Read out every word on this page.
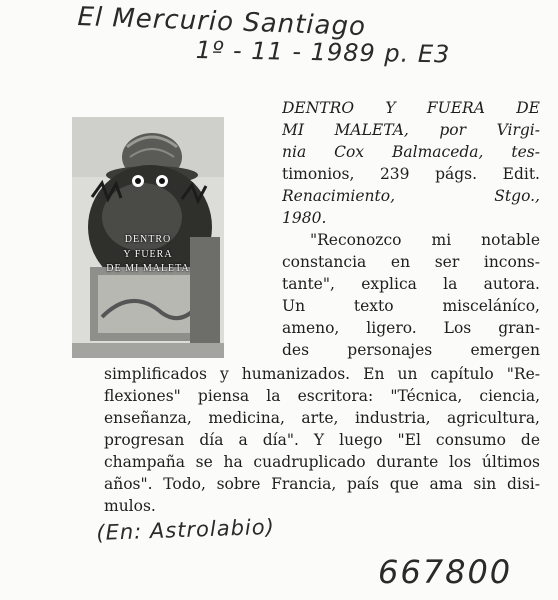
El Mercurio Santiago
1º - 11 - 1989 p. E3
DENTRO
Y FUERA
DE MI MALETA
DENTRO Y FUERA DE
MI MALETA, por Virgi-
nia Cox Balmaceda, tes-
timonios, 239 págs. Edit.
Renacimiento, Stgo.,
1980.
"Reconozco mi notable
constancia en ser incons-
tante", explica la autora.
Un texto misceláníco,
ameno, ligero. Los gran-
des personajes emergen
simplificados y humanizados. En un capítulo "Re-
flexiones" piensa la escritora: "Técnica, ciencia,
enseñanza, medicina, arte, industria, agricultura,
progresan día a día". Y luego "El consumo de
champaña se ha cuadruplicado durante los últimos
años". Todo, sobre Francia, país que ama sin disi-
mulos.
(En: Astrolabio)
667800
